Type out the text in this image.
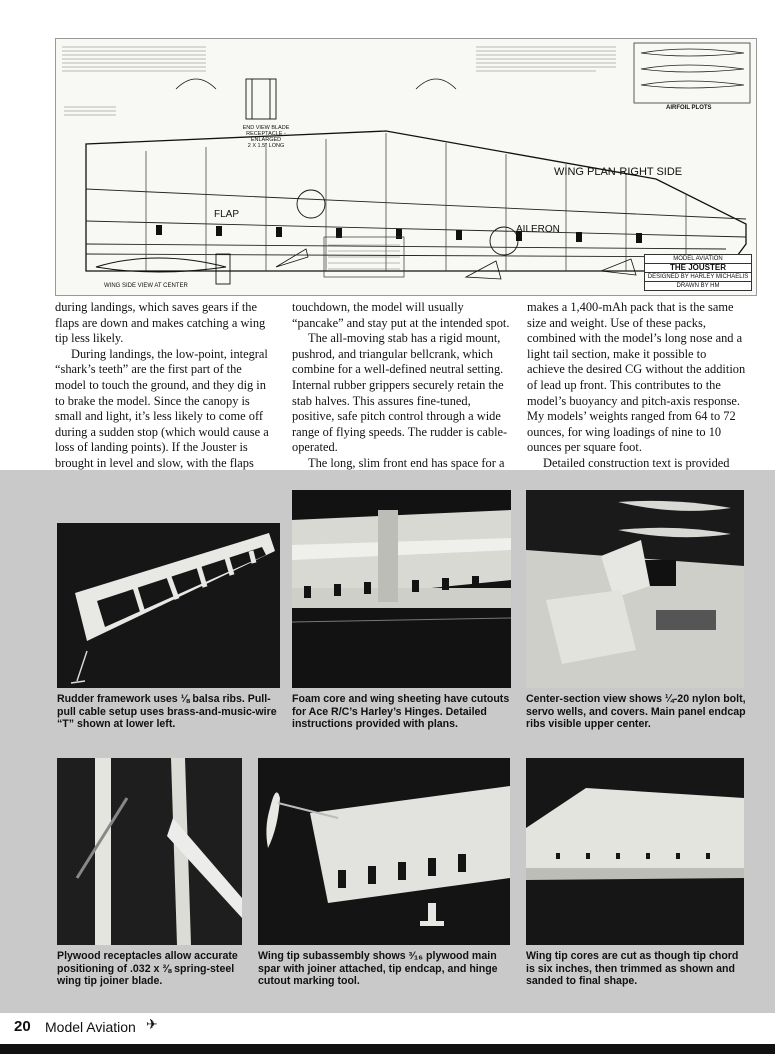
WING PLAN-RIGHT SIDE
FLAP
AILERON
END VIEW BLADE RECEPTACLE - ENLARGED
2 X 1.5" LONG
WING SIDE VIEW AT CENTER
AIRFOIL PLOTS
MODEL AVIATION
THE JOUSTER
DESIGNED BY HARLEY MICHAELIS
DRAWN BY HM

during landings, which saves gears if the flaps are down and makes catching a wing tip less likely.

During landings, the low-point, integral “shark’s teeth” are the first part of the model to touch the ground, and they dig in to brake the model. Since the canopy is small and light, it’s less likely to come off during a sudden stop (which would cause a loss of landing points). If the Jouster is brought in level and slow, with the flaps

touchdown, the model will usually “pancake” and stay put at the intended spot.

The all-moving stab has a rigid mount, pushrod, and triangular bellcrank, which combine for a well-defined neutral setting. Internal rubber grippers securely retain the stab halves. This assures fine-tuned, positive, safe pitch control through a wide range of flying speeds. The rudder is cable-operated.

The long, slim front end has space for a

makes a 1,400-mAh pack that is the same size and weight. Use of these packs, combined with the model’s long nose and a light tail section, make it possible to achieve the desired CG without the addition of lead up front. This contributes to the model’s buoyancy and pitch-axis response. My models’ weights ranged from 64 to 72 ounces, for wing loadings of nine to 10 ounces per square foot.

Detailed construction text is provided

Rudder framework uses ⅛ balsa ribs. Pull-pull cable setup uses brass-and-music-wire “T” shown at lower left.
Foam core and wing sheeting have cutouts for Ace R/C’s Harley’s Hinges. Detailed instructions provided with plans.
Center-section view shows ¼-20 nylon bolt, servo wells, and covers. Main panel endcap ribs visible upper center.
Plywood receptacles allow accurate positioning of .032 x ⅜ spring-steel wing tip joiner blade.
Wing tip subassembly shows ³⁄₁₆ plywood main spar with joiner attached, tip endcap, and hinge cutout marking tool.
Wing tip cores are cut as though tip chord is six inches, then trimmed as shown and sanded to final shape.
20 Model Aviation ✈
